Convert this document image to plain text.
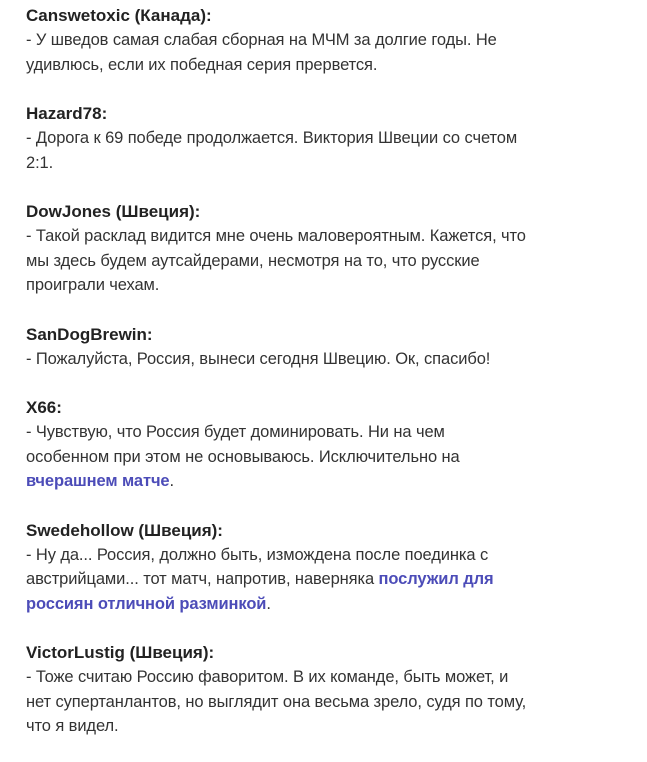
Canswetoxic (Канада):
- У шведов самая слабая сборная на МЧМ за долгие годы. Не
удивлюсь, если их победная серия прервется.
Hazard78:
- Дорога к 69 победе продолжается. Виктория Швеции со счетом
2:1.
DowJones (Швеция):
- Такой расклад видится мне очень маловероятным. Кажется, что
мы здесь будем аутсайдерами, несмотря на то, что русские
проиграли чехам.
SanDogBrewin:
- Пожалуйста, Россия, вынеси сегодня Швецию. Ок, спасибо!
X66:
- Чувствую, что Россия будет доминировать. Ни на чем
особенном при этом не основываюсь. Исключительно на
вчерашнем матче.
Swedehollow (Швеция):
- Ну да... Россия, должно быть, измождена после поединка с
австрийцами... тот матч, напротив, наверняка послужил для
россиян отличной разминкой.
VictorLustig (Швеция):
- Тоже считаю Россию фаворитом. В их команде, быть может, и
нет супертанлантов, но выглядит она весьма зрело, судя по тому,
что я видел.
